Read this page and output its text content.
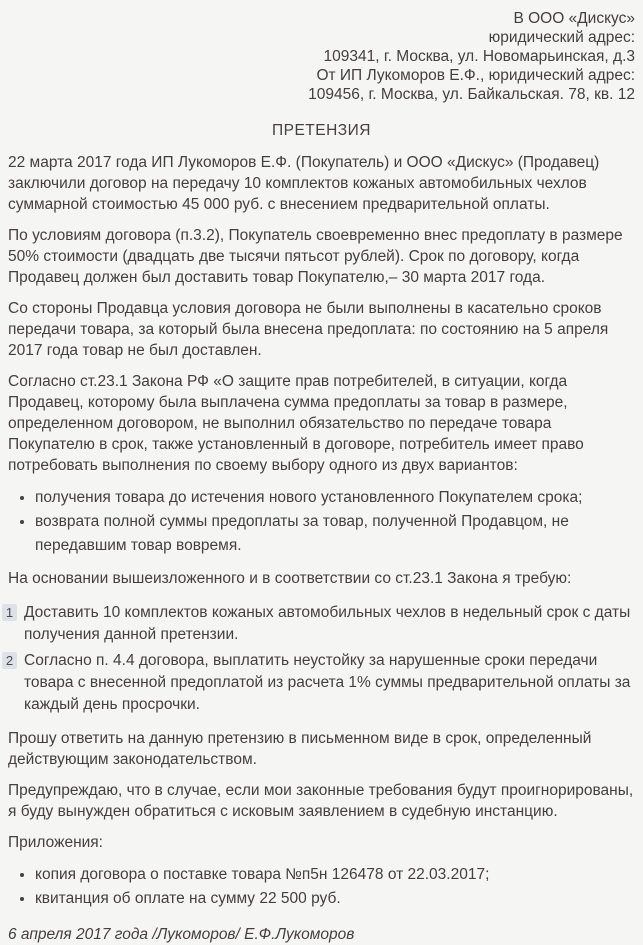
В ООО «Дискус»
юридический адрес:
109341, г. Москва, ул. Новомарьинская, д.3
От ИП Лукоморов Е.Ф., юридический адрес:
109456, г. Москва, ул. Байкальская. 78, кв. 12
ПРЕТЕНЗИЯ

22 марта 2017 года ИП Лукоморов Е.Ф. (Покупатель) и ООО «Дискус» (Продавец) заключили договор на передачу 10 комплектов кожаных автомобильных чехлов суммарной стоимостью 45 000 руб. с внесением предварительной оплаты.

По условиям договора (п.3.2), Покупатель своевременно внес предоплату в размере 50% стоимости (двадцать две тысячи пятьсот рублей). Срок по договору, когда Продавец должен был доставить товар Покупателю,– 30 марта 2017 года.

Со стороны Продавца условия договора не были выполнены в касательно сроков передачи товара, за который была внесена предоплата: по состоянию на 5 апреля 2017 года товар не был доставлен.

Согласно ст.23.1 Закона РФ «О защите прав потребителей, в ситуации, когда Продавец, которому была выплачена сумма предоплаты за товар в размере, определенном договором, не выполнил обязательство по передаче товара Покупателю в срок, также установленный в договоре, потребитель имеет право потребовать выполнения по своему выбору одного из двух вариантов:

• получения товара до истечения нового установленного Покупателем срока;
• возврата полной суммы предоплаты за товар, полученной Продавцом, не передавшим товар вовремя.

На основании вышеизложенного и в соответствии со ст.23.1 Закона я требую:

1 Доставить 10 комплектов кожаных автомобильных чехлов в недельный срок с даты получения данной претензии.
2 Согласно п. 4.4 договора, выплатить неустойку за нарушенные сроки передачи товара с внесенной предоплатой из расчета 1% суммы предварительной оплаты за каждый день просрочки.

Прошу ответить на данную претензию в письменном виде в срок, определенный действующим законодательством.

Предупреждаю, что в случае, если мои законные требования будут проигнорированы, я буду вынужден обратиться с исковым заявлением в судебную инстанцию.

Приложения:

• копия договора о поставке товара №п5н 126478 от 22.03.2017;
• квитанция об оплате на сумму 22 500 руб.
6 апреля 2017 года /Лукоморов/ Е.Ф.Лукоморов
